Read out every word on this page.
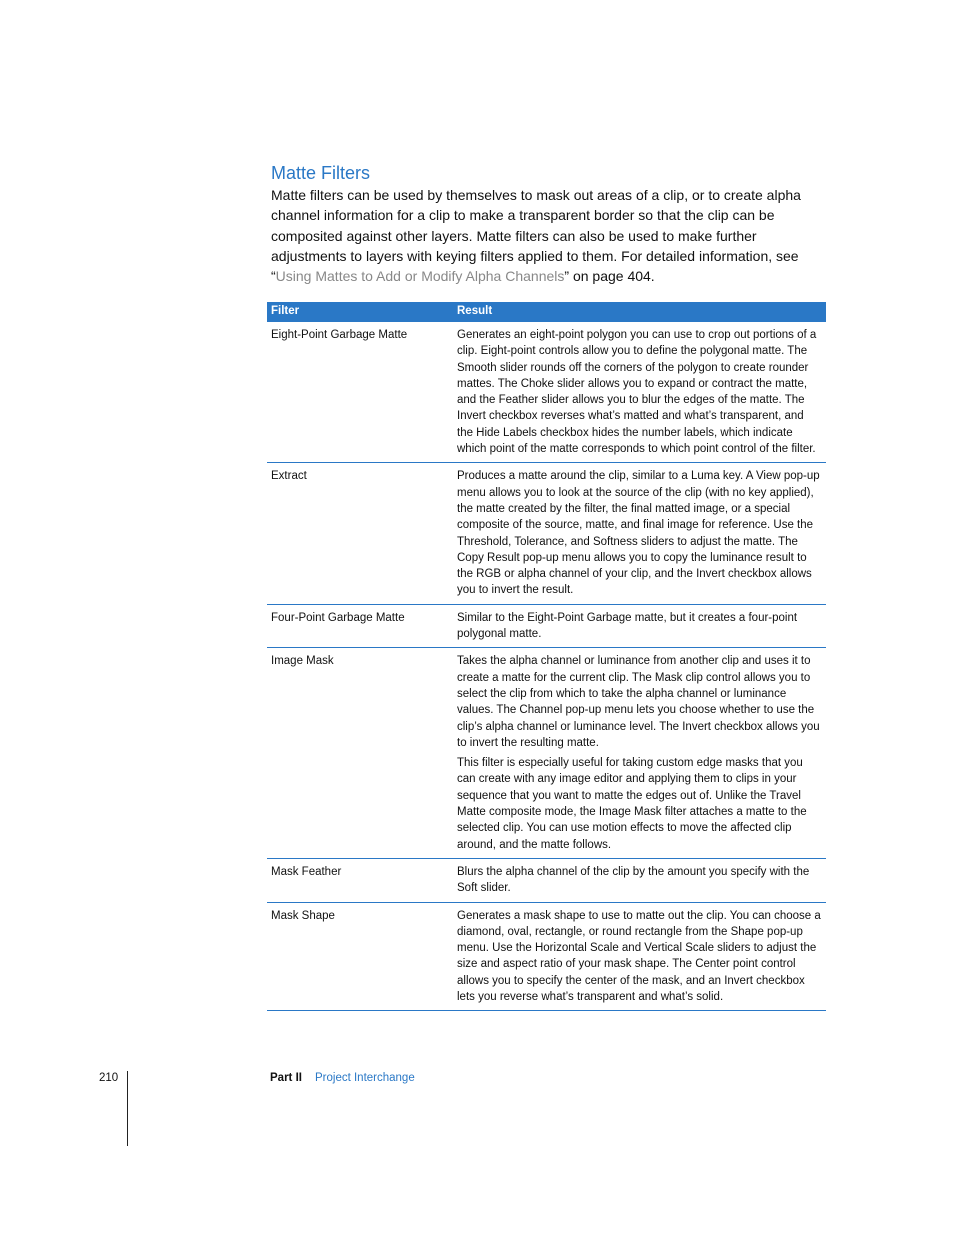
Matte Filters

Matte filters can be used by themselves to mask out areas of a clip, or to create alpha channel information for a clip to make a transparent border so that the clip can be composited against other layers. Matte filters can also be used to make further adjustments to layers with keying filters applied to them. For detailed information, see “Using Mattes to Add or Modify Alpha Channels” on page 404.

Filter	Result
Eight-Point Garbage Matte	Generates an eight-point polygon you can use to crop out portions of a clip. Eight-point controls allow you to define the polygonal matte. The Smooth slider rounds off the corners of the polygon to create rounder mattes. The Choke slider allows you to expand or contract the matte, and the Feather slider allows you to blur the edges of the matte. The Invert checkbox reverses what’s matted and what’s transparent, and the Hide Labels checkbox hides the number labels, which indicate which point of the matte corresponds to which point control of the filter.

Extract	Produces a matte around the clip, similar to a Luma key. A View pop-up menu allows you to look at the source of the clip (with no key applied), the matte created by the filter, the final matted image, or a special composite of the source, matte, and final image for reference. Use the Threshold, Tolerance, and Softness sliders to adjust the matte. The Copy Result pop-up menu allows you to copy the luminance result to the RGB or alpha channel of your clip, and the Invert checkbox allows you to invert the result.

Four-Point Garbage Matte	Similar to the Eight-Point Garbage matte, but it creates a four-point polygonal matte.

Image Mask	Takes the alpha channel or luminance from another clip and uses it to create a matte for the current clip. The Mask clip control allows you to select the clip from which to take the alpha channel or luminance values. The Channel pop-up menu lets you choose whether to use the clip’s alpha channel or luminance level. The Invert checkbox allows you to invert the resulting matte.

This filter is especially useful for taking custom edge masks that you can create with any image editor and applying them to clips in your sequence that you want to matte the edges out of. Unlike the Travel Matte composite mode, the Image Mask filter attaches a matte to the selected clip. You can use motion effects to move the affected clip around, and the matte follows.

Mask Feather	Blurs the alpha channel of the clip by the amount you specify with the Soft slider.

Mask Shape	Generates a mask shape to use to matte out the clip. You can choose a diamond, oval, rectangle, or round rectangle from the Shape pop-up menu. Use the Horizontal Scale and Vertical Scale sliders to adjust the size and aspect ratio of your mask shape. The Center point control allows you to specify the center of the mask, and an Invert checkbox lets you reverse what’s transparent and what’s solid.

210	Part II Project Interchange
